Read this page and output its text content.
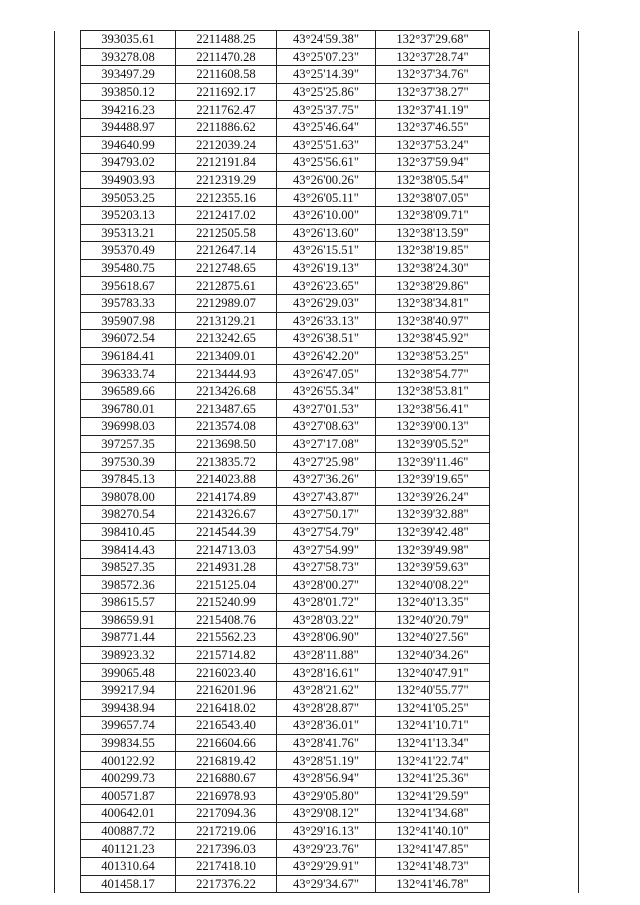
	393035.61	2211488.25	43°24'59.38"	132°37'29.68"	
	393278.08	2211470.28	43°25'07.23"	132°37'28.74"	
	393497.29	2211608.58	43°25'14.39"	132°37'34.76"	
	393850.12	2211692.17	43°25'25.86"	132°37'38.27"	
	394216.23	2211762.47	43°25'37.75"	132°37'41.19"	
	394488.97	2211886.62	43°25'46.64"	132°37'46.55"	
	394640.99	2212039.24	43°25'51.63"	132°37'53.24"	
	394793.02	2212191.84	43°25'56.61"	132°37'59.94"	
	394903.93	2212319.29	43°26'00.26"	132°38'05.54"	
	395053.25	2212355.16	43°26'05.11"	132°38'07.05"	
	395203.13	2212417.02	43°26'10.00"	132°38'09.71"	
	395313.21	2212505.58	43°26'13.60"	132°38'13.59"	
	395370.49	2212647.14	43°26'15.51"	132°38'19.85"	
	395480.75	2212748.65	43°26'19.13"	132°38'24.30"	
	395618.67	2212875.61	43°26'23.65"	132°38'29.86"	
	395783.33	2212989.07	43°26'29.03"	132°38'34.81"	
	395907.98	2213129.21	43°26'33.13"	132°38'40.97"	
	396072.54	2213242.65	43°26'38.51"	132°38'45.92"	
	396184.41	2213409.01	43°26'42.20"	132°38'53.25"	
	396333.74	2213444.93	43°26'47.05"	132°38'54.77"	
	396589.66	2213426.68	43°26'55.34"	132°38'53.81"	
	396780.01	2213487.65	43°27'01.53"	132°38'56.41"	
	396998.03	2213574.08	43°27'08.63"	132°39'00.13"	
	397257.35	2213698.50	43°27'17.08"	132°39'05.52"	
	397530.39	2213835.72	43°27'25.98"	132°39'11.46"	
	397845.13	2214023.88	43°27'36.26"	132°39'19.65"	
	398078.00	2214174.89	43°27'43.87"	132°39'26.24"	
	398270.54	2214326.67	43°27'50.17"	132°39'32.88"	
	398410.45	2214544.39	43°27'54.79"	132°39'42.48"	
	398414.43	2214713.03	43°27'54.99"	132°39'49.98"	
	398527.35	2214931.28	43°27'58.73"	132°39'59.63"	
	398572.36	2215125.04	43°28'00.27"	132°40'08.22"	
	398615.57	2215240.99	43°28'01.72"	132°40'13.35"	
	398659.91	2215408.76	43°28'03.22"	132°40'20.79"	
	398771.44	2215562.23	43°28'06.90"	132°40'27.56"	
	398923.32	2215714.82	43°28'11.88"	132°40'34.26"	
	399065.48	2216023.40	43°28'16.61"	132°40'47.91"	
	399217.94	2216201.96	43°28'21.62"	132°40'55.77"	
	399438.94	2216418.02	43°28'28.87"	132°41'05.25"	
	399657.74	2216543.40	43°28'36.01"	132°41'10.71"	
	399834.55	2216604.66	43°28'41.76"	132°41'13.34"	
	400122.92	2216819.42	43°28'51.19"	132°41'22.74"	
	400299.73	2216880.67	43°28'56.94"	132°41'25.36"	
	400571.87	2216978.93	43°29'05.80"	132°41'29.59"	
	400642.01	2217094.36	43°29'08.12"	132°41'34.68"	
	400887.72	2217219.06	43°29'16.13"	132°41'40.10"	
	401121.23	2217396.03	43°29'23.76"	132°41'47.85"	
	401310.64	2217418.10	43°29'29.91"	132°41'48.73"	
	401458.17	2217376.22	43°29'34.67"	132°41'46.78"	
